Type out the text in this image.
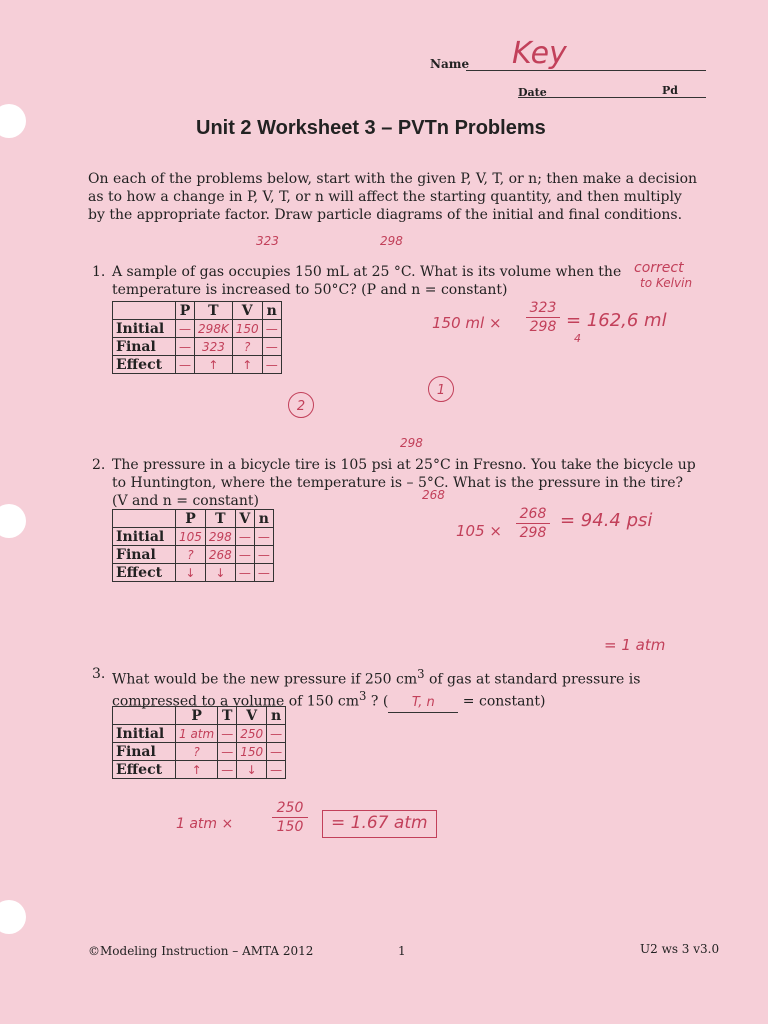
Name Key
Date	Pd
Unit 2 Worksheet 3 – PVTn Problems
On each of the problems below, start with the given P, V, T, or n; then make a decision as to how a change in P, V, T, or n will affect the starting quantity, and then multiply by the appropriate factor. Draw particle diagrams of the initial and final conditions.
323	298
1. A sample of gas occupies 150 mL at 25 °C. What is its volume when the
temperature is increased to 50°C? (P and n = constant)
correct
to Kelvin
	P	T	V	n
Initial	—	298K	150	—
Final	—	323	?	—
Effect	—	↑	↑	—
150 ml ×
323
298 = 162,6 ml
4
1
2
298
2. The pressure in a bicycle tire is 105 psi at 25°C in Fresno. You take the bicycle up
to Huntington, where the temperature is – 5°C. What is the pressure in the tire?
(V and n = constant)	268
	P	T	V	n
Initial	105	298	—	—
Final	?	268	—	—
Effect	↓	↓	—	—
105 ×
268
298
= 94.4 psi
= 1 atm
3. What would be the new pressure if 250 $cm^3$ of gas at standard pressure is
compressed to a volume of 150 $cm^3$ ? ( T, n = constant)
	P	T	V	n
Initial	1 atm	—	250	—
Final	?	—	150	—
Effect	↑	—	↓	—
1 atm ×
250
150	= 1.67 atm
©Modeling Instruction – AMTA 2012	1	U2 ws 3 v3.0
